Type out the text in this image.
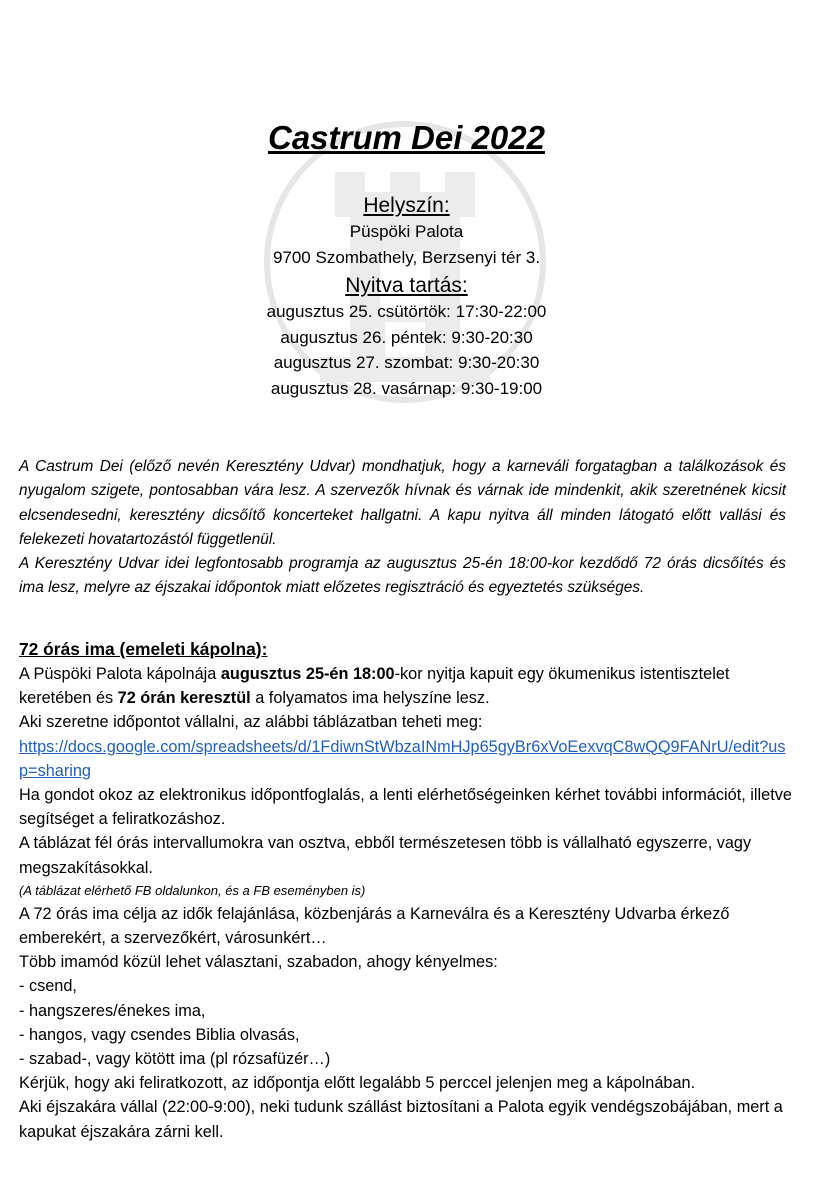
Castrum Dei 2022
Helyszín:
Püspöki Palota
9700 Szombathely, Berzsenyi tér 3.
Nyitva tartás:
augusztus 25. csütörtök: 17:30-22:00
augusztus 26. péntek: 9:30-20:30
augusztus 27. szombat: 9:30-20:30
augusztus 28. vasárnap: 9:30-19:00

A Castrum Dei (előző nevén Keresztény Udvar) mondhatjuk, hogy a karneváli forgatagban a találkozások és nyugalom szigete, pontosabban vára lesz. A szervezők hívnak és várnak ide mindenkit, akik szeretnének kicsit elcsendesedni, keresztény dicsőítő koncerteket hallgatni. A kapu nyitva áll minden látogató előtt vallási és felekezeti hovatartozástól függetlenül.

A Keresztény Udvar idei legfontosabb programja az augusztus 25-én 18:00-kor kezdődő 72 órás dicsőítés és ima lesz, melyre az éjszakai időpontok miatt előzetes regisztráció és egyeztetés szükséges.

72 órás ima (emeleti kápolna):

A Püspöki Palota kápolnája augusztus 25-én 18:00-kor nyitja kapuit egy ökumenikus istentisztelet keretében és 72 órán keresztül a folyamatos ima helyszíne lesz.

Aki szeretne időpontot vállalni, az alábbi táblázatban teheti meg:

https://docs.google.com/spreadsheets/d/1FdiwnStWbzaINmHJp65gyBr6xVoEexvqC8wQQ9FANrU/edit?usp=sharing

Ha gondot okoz az elektronikus időpontfoglalás, a lenti elérhetőségeinken kérhet további információt, illetve segítséget a feliratkozáshoz.

A táblázat fél órás intervallumokra van osztva, ebből természetesen több is vállalható egyszerre, vagy megszakításokkal.

(A táblázat elérhető FB oldalunkon, és a FB eseményben is)

A 72 órás ima célja az idők felajánlása, közbenjárás a Karneválra és a Keresztény Udvarba érkező emberekért, a szervezőkért, városunkért…

Több imamód közül lehet választani, szabadon, ahogy kényelmes:

- csend,

- hangszeres/énekes ima,

- hangos, vagy csendes Biblia olvasás,

- szabad-, vagy kötött ima (pl rózsafüzér…)

Kérjük, hogy aki feliratkozott, az időpontja előtt legalább 5 perccel jelenjen meg a kápolnában.

Aki éjszakára vállal (22:00-9:00), neki tudunk szállást biztosítani a Palota egyik vendégszobájában, mert a kapukat éjszakára zárni kell.
